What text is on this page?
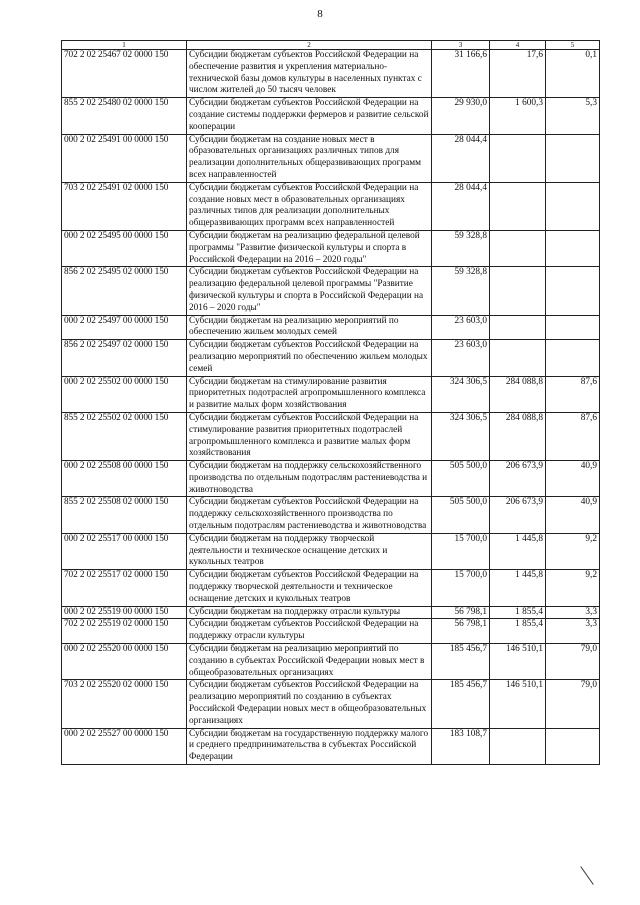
8
1	2	3	4	5
702 2 02 25467 02 0000 150	Субсидии бюджетам субъектов Российской Федерации на обеспечение развития и укрепления материально-технической базы домов культуры в населенных пунктах с числом жителей до 50 тысяч человек	31 166,6	17,6	0,1
855 2 02 25480 02 0000 150	Субсидии бюджетам субъектов Российской Федерации на создание системы поддержки фермеров и развитие сельской кооперации	29 930,0	1 600,3	5,3
000 2 02 25491 00 0000 150	Субсидии бюджетам на создание новых мест в образовательных организациях различных типов для реализации дополнительных общеразвивающих программ всех направленностей	28 044,4		
703 2 02 25491 02 0000 150	Субсидии бюджетам субъектов Российской Федерации на создание новых мест в образовательных организациях различных типов для реализации дополнительных общеразвивающих программ всех направленностей	28 044,4		
000 2 02 25495 00 0000 150	Субсидии бюджетам на реализацию федеральной целевой программы "Развитие физической культуры и спорта в Российской Федерации на 2016 – 2020 годы"	59 328,8		
856 2 02 25495 02 0000 150	Субсидии бюджетам субъектов Российской Федерации на реализацию федеральной целевой программы "Развитие физической культуры и спорта в Российской Федерации на 2016 – 2020 годы"	59 328,8		
000 2 02 25497 00 0000 150	Субсидии бюджетам на реализацию мероприятий по обеспечению жильем молодых семей	23 603,0		
856 2 02 25497 02 0000 150	Субсидии бюджетам субъектов Российской Федерации на реализацию мероприятий по обеспечению жильем молодых семей	23 603,0		
000 2 02 25502 00 0000 150	Субсидии бюджетам на стимулирование развития приоритетных подотраслей агропромышленного комплекса и развитие малых форм хозяйствования	324 306,5	284 088,8	87,6
855 2 02 25502 02 0000 150	Субсидии бюджетам субъектов Российской Федерации на стимулирование развития приоритетных подотраслей агропромышленного комплекса и развитие малых форм хозяйствования	324 306,5	284 088,8	87,6
000 2 02 25508 00 0000 150	Субсидии бюджетам на поддержку сельскохозяйственного производства по отдельным подотраслям растениеводства и животноводства	505 500,0	206 673,9	40,9
855 2 02 25508 02 0000 150	Субсидии бюджетам субъектов Российской Федерации на поддержку сельскохозяйственного производства по отдельным подотраслям растениеводства и животноводства	505 500,0	206 673,9	40,9
000 2 02 25517 00 0000 150	Субсидии бюджетам на поддержку творческой деятельности и техническое оснащение детских и кукольных театров	15 700,0	1 445,8	9,2
702 2 02 25517 02 0000 150	Субсидии бюджетам субъектов Российской Федерации на поддержку творческой деятельности и техническое оснащение детских и кукольных театров	15 700,0	1 445,8	9,2
000 2 02 25519 00 0000 150	Субсидии бюджетам на поддержку отрасли культуры	56 798,1	1 855,4	3,3
702 2 02 25519 02 0000 150	Субсидии бюджетам субъектов Российской Федерации на поддержку отрасли культуры	56 798,1	1 855,4	3,3
000 2 02 25520 00 0000 150	Субсидии бюджетам на реализацию мероприятий по созданию в субъектах Российской Федерации новых мест в общеобразовательных организациях	185 456,7	146 510,1	79,0
703 2 02 25520 02 0000 150	Субсидии бюджетам субъектов Российской Федерации на реализацию мероприятий по созданию в субъектах Российской Федерации новых мест в общеобразовательных организациях	185 456,7	146 510,1	79,0
000 2 02 25527 00 0000 150	Субсидии бюджетам на государственную поддержку малого и среднего предпринимательства в субъектах Российской Федерации	183 108,7		
